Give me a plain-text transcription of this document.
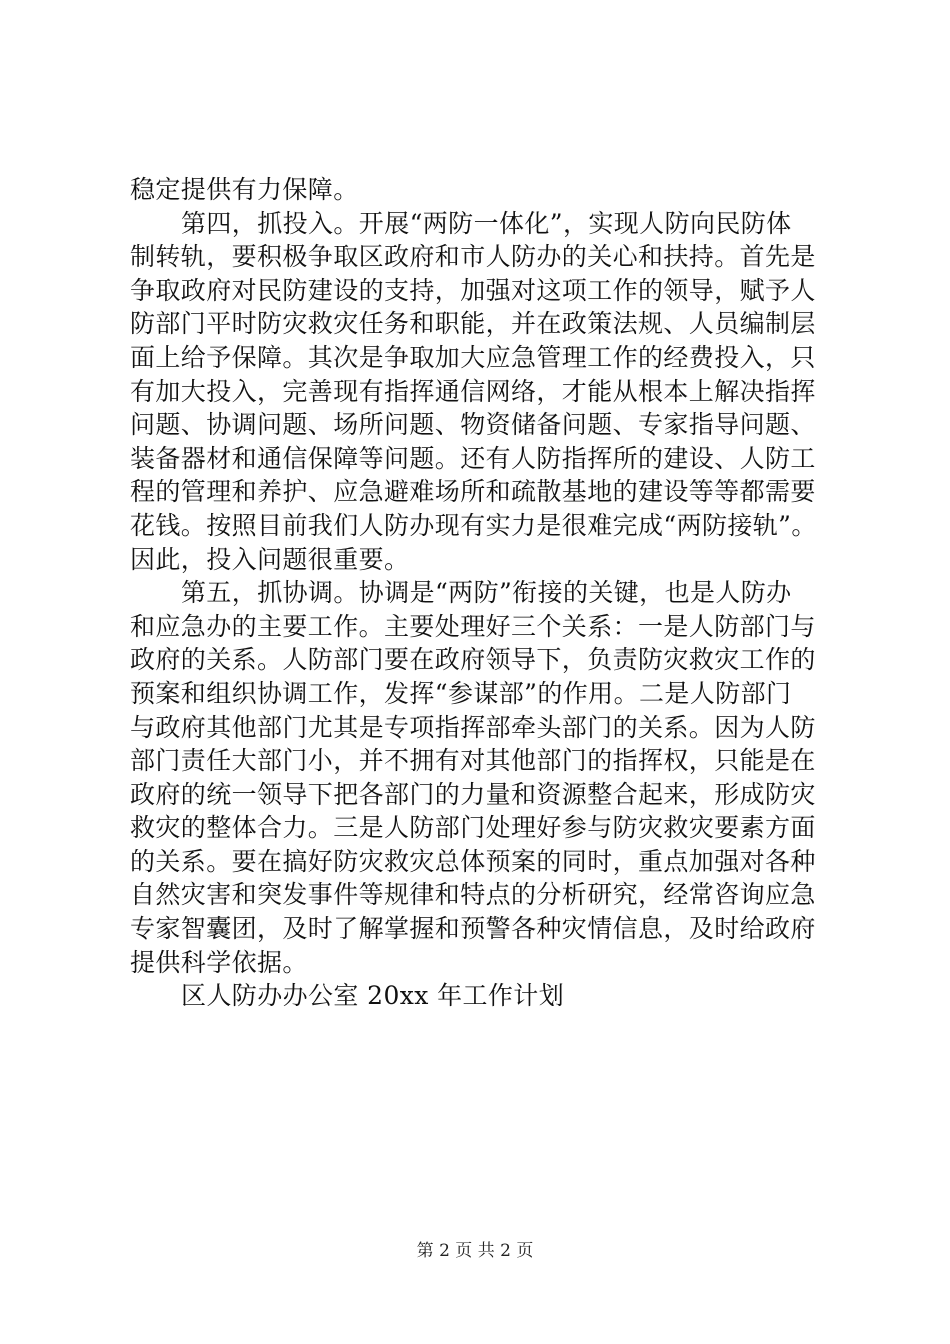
稳定提供有力保障。
第四，抓投入。开展“两防一体化”，实现人防向民防体
制转轨，要积极争取区政府和市人防办的关心和扶持。首先是
争取政府对民防建设的支持，加强对这项工作的领导，赋予人
防部门平时防灾救灾任务和职能，并在政策法规、人员编制层
面上给予保障。其次是争取加大应急管理工作的经费投入，只
有加大投入，完善现有指挥通信网络，才能从根本上解决指挥
问题、协调问题、场所问题、物资储备问题、专家指导问题、
装备器材和通信保障等问题。还有人防指挥所的建设、人防工
程的管理和养护、应急避难场所和疏散基地的建设等等都需要
花钱。按照目前我们人防办现有实力是很难完成“两防接轨”。
因此，投入问题很重要。
第五，抓协调。协调是“两防”衔接的关键，也是人防办
和应急办的主要工作。主要处理好三个关系：一是人防部门与
政府的关系。人防部门要在政府领导下，负责防灾救灾工作的
预案和组织协调工作，发挥“参谋部”的作用。二是人防部门
与政府其他部门尤其是专项指挥部牵头部门的关系。因为人防
部门责任大部门小，并不拥有对其他部门的指挥权，只能是在
政府的统一领导下把各部门的力量和资源整合起来，形成防灾
救灾的整体合力。三是人防部门处理好参与防灾救灾要素方面
的关系。要在搞好防灾救灾总体预案的同时，重点加强对各种
自然灾害和突发事件等规律和特点的分析研究，经常咨询应急
专家智囊团，及时了解掌握和预警各种灾情信息，及时给政府
提供科学依据。
区人防办办公室 20xx 年工作计划
第 2 页 共 2 页
